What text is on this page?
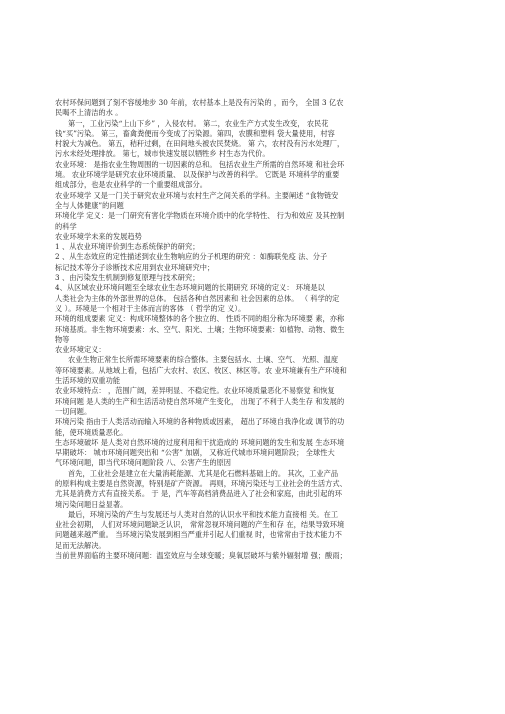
农村环保问题到了刻不容缓地步 30 年前，农村基本上是没有污染的 ，而今， 全国 3 亿农
民喝不上清洁的水 。
第一，工业污染“上山下乡” ，入侵农村。 第二，农业生产方式发生改变， 农民花
钱“买”污染。 第三，畜禽粪便而今变成了污染源。第四，农膜和塑料 袋大量使用，村容
村貌大为减色。 第五，秸秆过剩，在田间地头被农民焚烧。 第 六，农村没有污水处理厂，
污水未经处理排放。 第七，城市快速发展以牺牲乡 村生态为代价。
农业环境： 是指农业生物周围的一切因素的总和。 包括农业生产所需的自然环境 和社会环
境。 农业环境学是研究农业环境质量、 以及保护与改善的科学。 它既是 环境科学的重要
组成部分，也是农业科学的一个重要组成部分。
农业环境学 又是一门关于研究农业环境与农村生产之间关系的学科。主要阐述 “食物链安
全与人体健康”的问题
环境化学 定义：是一门研究有害化学物质在环境介质中的化学特性、 行为和效应 及其控制
的科学
农业环境学未来的发展趋势
1 、从农业环境评价到生态系统保护的研究；
2 、从生态效应的定性描述到农业生物响应的分子机理的研究 ：如酶联免疫 法、分子
标记技术等分子诊断技术应用到农业环境研究中；
3 、由污染发生机制到修复原理与技术研究；
4、从区域农业环境问题至全球农业生态环境问题的长期研究 环境的定义： 环境是以
人类社会为主体的外部世界的总体。 包括各种自然因素和 社会因素的总体。 （ 科学的定
义 ）。环境是一个相对于主体而言的客体 （ 哲学的定 义）。
环境的组成要素 定义：构成环境整体的各个独立的、 性质不同的组分称为环境要 素，亦称
环境基质。非生物环境要素：水、空气、阳光、土壤；生物环境要素：如植物、动物、微生
物等
农业环境定义：
农业生物正常生长所需环境要素的综合整体。主要包括水、土壤、空气、 光照、温度
等环境要素。从地域上看，包括广大农村、农区、牧区、林区等。农 业环境兼有生产环境和
生活环境的双重功能
农业环境特点： ，范围广阔，差异明显、不稳定性。农业环境质量恶化不易察觉 和恢复
环境问题 是人类的生产和生活活动使自然环境产生变化， 出现了不利于人类生存 和发展的
一切问题。
环境污染 指由于人类活动而输入环境的各种物质或因素， 超出了环境自我净化或 调节的功
能，使环境质量恶化。
生态环境破坏 是人类对自然环境的过度利用和干扰造成的 环境问题的发生和发展 生态环境
早期破坏： 城市环境问题突出和 “公害” 加剧， 又称近代城市环境问题阶段； 全球性大
气环境问题，即当代环境问题阶段 八、公害产生的原因
首先，工业社会是建立在大量消耗能源、尤其是化石燃料基础上的。 其次，工业产品
的原料构成主要是自然资源，特别是矿产资源。 再则，环境污染还与工业社会的生活方式、
尤其是消费方式有直接关系。 于 是，汽车等高档消费品进入了社会和家庭，由此引起的环
境污染问题日益显著。
最后，环境污染的产生与发展还与人类对自然的认识水平和技术能力直接相 关。在工
业社会初期， 人们对环境问题缺乏认识， 常常忽视环境问题的产生和存 在，结果导致环境
问题越来越严重。 当环境污染发展到相当严重并引起人们重视 时，也常常由于技术能力不
足而无法解决。
当前世界面临的主要环境问题：温室效应与全球变暖；臭氧层破坏与紫外辐射增 强；酸雨；
